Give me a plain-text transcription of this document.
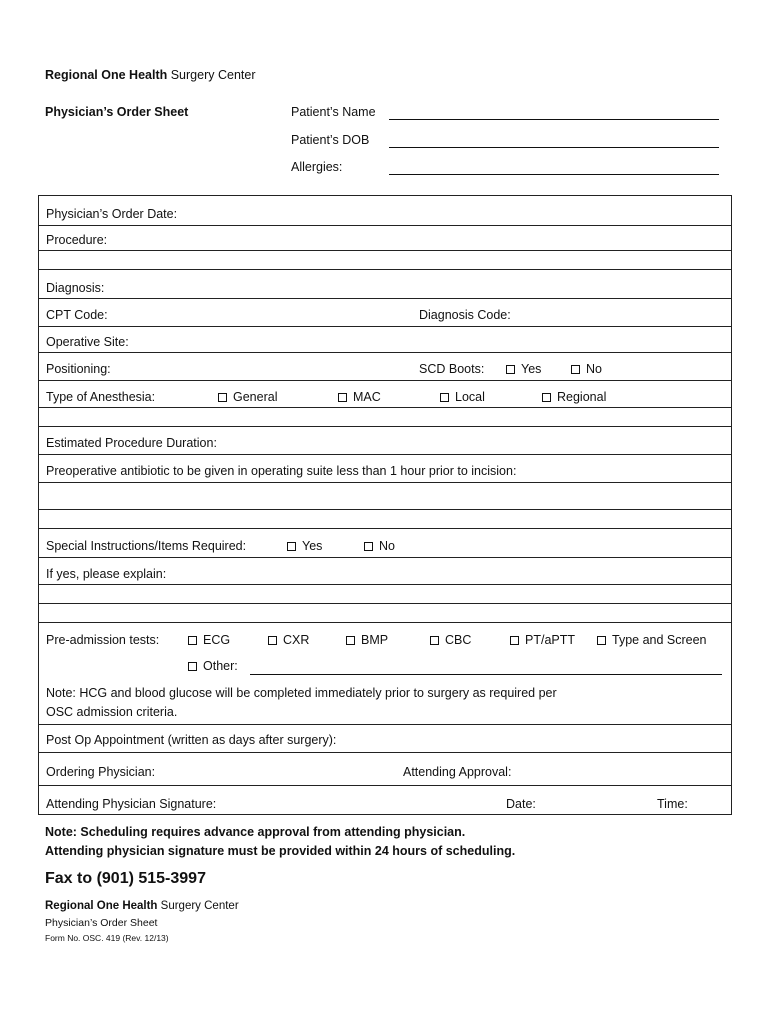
Regional One Health Surgery Center
Physician’s Order Sheet	Patient’s Name
Patient’s DOB
Allergies:
Physician’s Order Date:
Procedure:
Diagnosis:
CPT Code:	Diagnosis Code:
Operative Site:
Positioning:	SCD Boots:	Yes	No
Type of Anesthesia:	General	MAC	Local	Regional
Estimated Procedure Duration:
Preoperative antibiotic to be given in operating suite less than 1 hour prior to incision:
Special Instructions/Items Required:	Yes	No
If yes, please explain:
Pre-admission tests:	ECG	CXR	BMP	CBC	PT/aPTT	Type and Screen
Other:
Note: HCG and blood glucose will be completed immediately prior to surgery as required per
OSC admission criteria.
Post Op Appointment (written as days after surgery):
Ordering Physician:	Attending Approval:
Attending Physician Signature:	Date:	Time:
Note: Scheduling requires advance approval from attending physician.
Attending physician signature must be provided within 24 hours of scheduling.
Fax to (901) 515-3997
Regional One Health Surgery Center
Physician’s Order Sheet
Form No. OSC. 419 (Rev. 12/13)
